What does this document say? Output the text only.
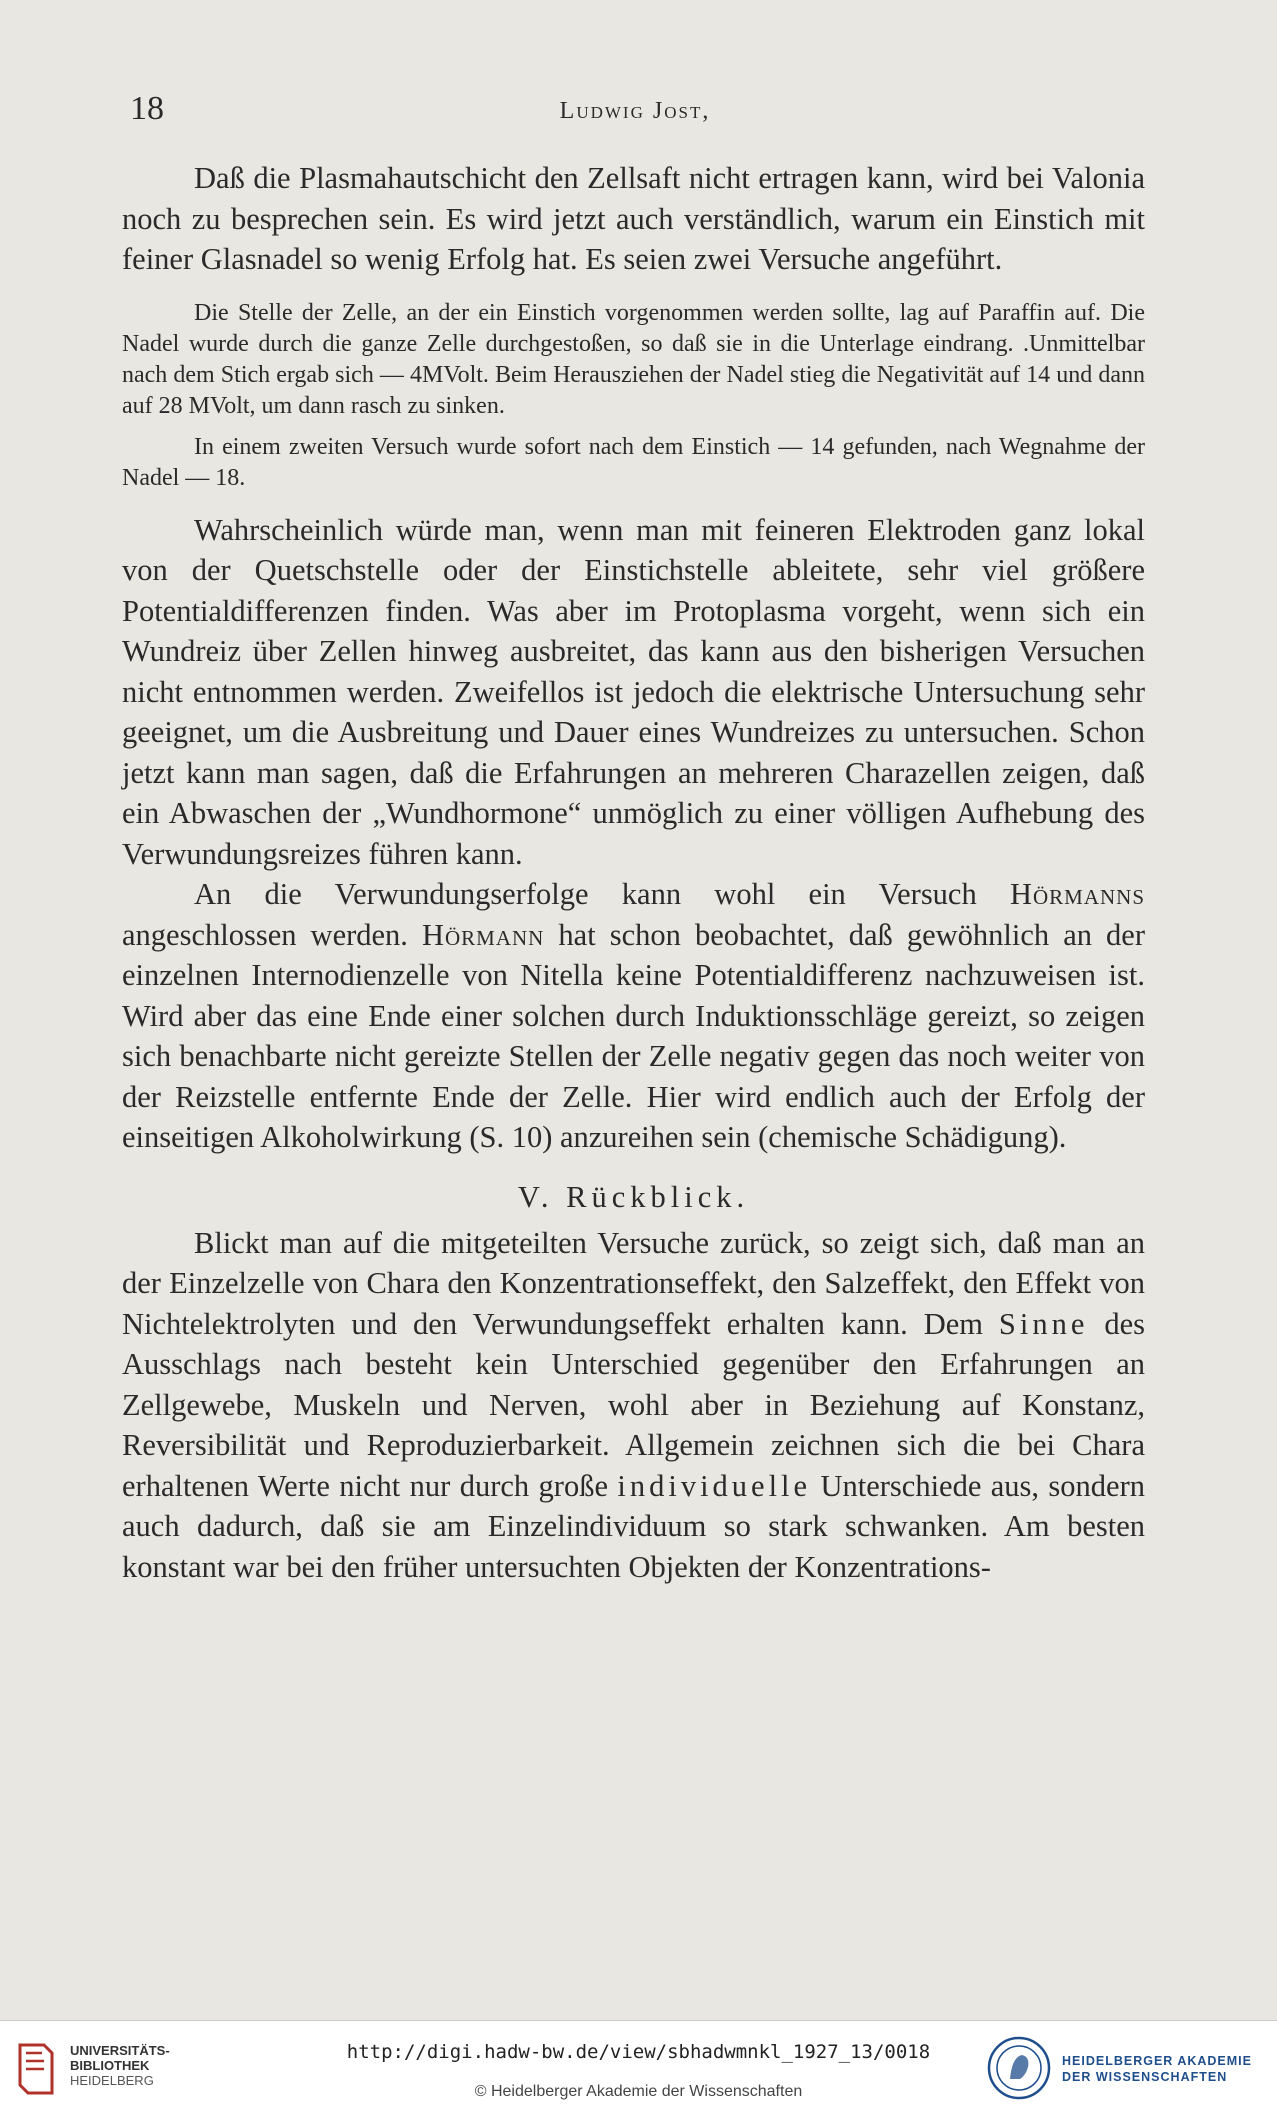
18	Ludwig Jost,

Daß die Plasmahautschicht den Zellsaft nicht ertragen kann, wird bei Valonia noch zu besprechen sein. Es wird jetzt auch verständlich, warum ein Einstich mit feiner Glasnadel so wenig Erfolg hat. Es seien zwei Versuche angeführt.

Die Stelle der Zelle, an der ein Einstich vorgenommen werden sollte, lag auf Paraffin auf. Die Nadel wurde durch die ganze Zelle durchgestoßen, so daß sie in die Unterlage eindrang. .Unmittelbar nach dem Stich ergab sich — 4MVolt. Beim Herausziehen der Nadel stieg die Negativität auf 14 und dann auf 28 MVolt, um dann rasch zu sinken.

In einem zweiten Versuch wurde sofort nach dem Einstich — 14 gefunden, nach Wegnahme der Nadel — 18.

Wahrscheinlich würde man, wenn man mit feineren Elektroden ganz lokal von der Quetschstelle oder der Einstichstelle ableitete, sehr viel größere Potentialdifferenzen finden. Was aber im Protoplasma vorgeht, wenn sich ein Wundreiz über Zellen hinweg ausbreitet, das kann aus den bisherigen Versuchen nicht entnommen werden. Zweifellos ist jedoch die elektrische Untersuchung sehr geeignet, um die Ausbreitung und Dauer eines Wundreizes zu untersuchen. Schon jetzt kann man sagen, daß die Erfahrungen an mehreren Charazellen zeigen, daß ein Abwaschen der „Wundhormone“ unmöglich zu einer völligen Aufhebung des Verwundungsreizes führen kann.

An die Verwundungserfolge kann wohl ein Versuch Hörmanns angeschlossen werden. Hörmann hat schon beobachtet, daß gewöhnlich an der einzelnen Internodienzelle von Nitella keine Potentialdifferenz nachzuweisen ist. Wird aber das eine Ende einer solchen durch Induktionsschläge gereizt, so zeigen sich benachbarte nicht gereizte Stellen der Zelle negativ gegen das noch weiter von der Reizstelle entfernte Ende der Zelle. Hier wird endlich auch der Erfolg der einseitigen Alkoholwirkung (S. 10) anzureihen sein (chemische Schädigung).

V. Rückblick.

Blickt man auf die mitgeteilten Versuche zurück, so zeigt sich, daß man an der Einzelzelle von Chara den Konzentrationseffekt, den Salzeffekt, den Effekt von Nichtelektrolyten und den Verwundungseffekt erhalten kann. Dem Sinne des Ausschlags nach besteht kein Unterschied gegenüber den Erfahrungen an Zellgewebe, Muskeln und Nerven, wohl aber in Beziehung auf Konstanz, Reversibilität und Reproduzierbarkeit. Allgemein zeichnen sich die bei Chara erhaltenen Werte nicht nur durch große individuelle Unterschiede aus, sondern auch dadurch, daß sie am Einzelindividuum so stark schwanken. Am besten konstant war bei den früher untersuchten Objekten der Konzentrations-

UNIVERSITÄTS-
BIBLIOTHEK
HEIDELBERG
http://digi.hadw-bw.de/view/sbhadwmnkl_1927_13/0018
© Heidelberger Akademie der Wissenschaften
HEIDELBERGER AKADEMIE
DER WISSENSCHAFTEN
